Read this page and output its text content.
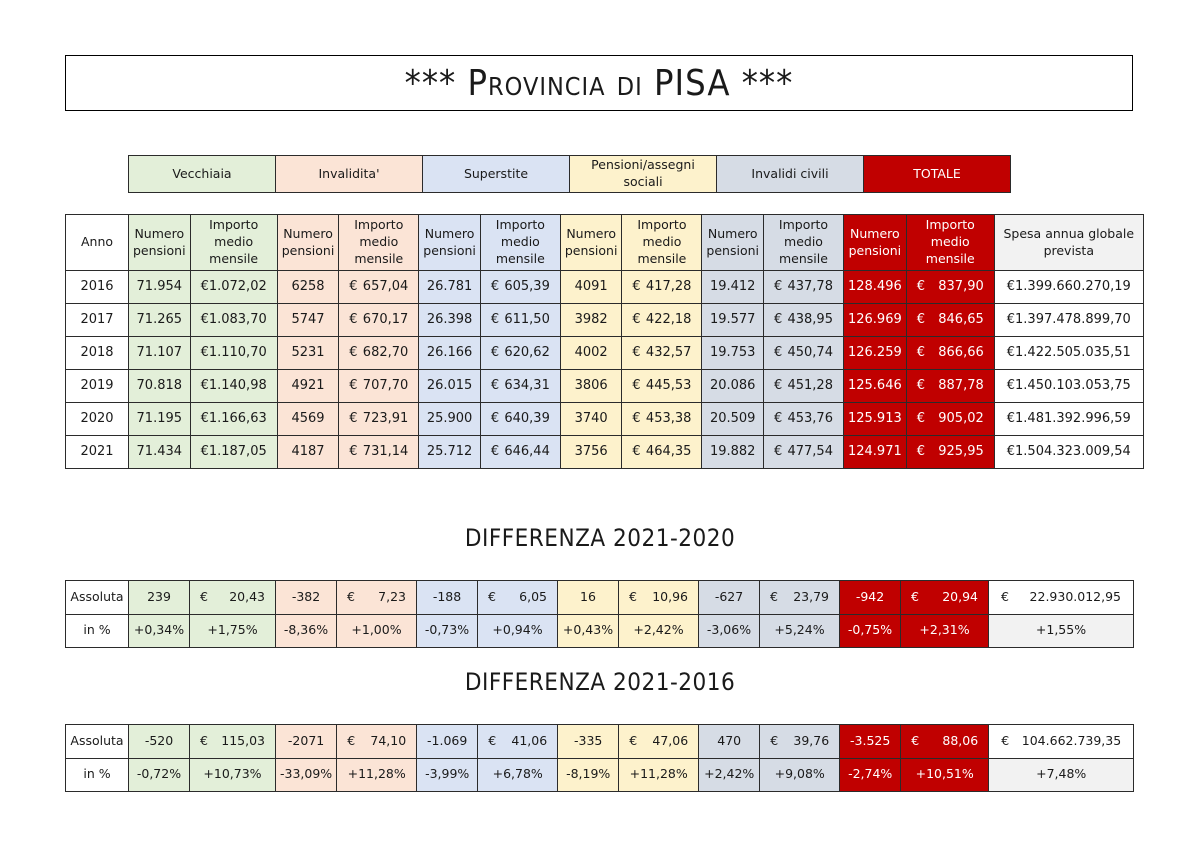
*** Provincia di PISA ***
Vecchiaia	Invalidita'	Superstite	Pensioni/assegni sociali	Invalidi civili	TOTALE
Anno	Numero pensioni	Importo medio mensile	Numero pensioni	Importo medio mensile	Numero pensioni	Importo medio mensile	Numero pensioni	Importo medio mensile	Numero pensioni	Importo medio mensile	Numero pensioni	Importo medio mensile	Spesa annua globale prevista
2016	71.954	€ 1.072,02	6258	€ 657,04	26.781	€ 605,39	4091	€ 417,28	19.412	€ 437,78	128.496	€ 837,90	€ 1.399.660.270,19

2017	71.265	€ 1.083,70	5747	€ 670,17	26.398	€ 611,50	3982	€ 422,18	19.577	€ 438,95	126.969	€ 846,65	€ 1.397.478.899,70

2018	71.107	€ 1.110,70	5231	€ 682,70	26.166	€ 620,62	4002	€ 432,57	19.753	€ 450,74	126.259	€ 866,66	€ 1.422.505.035,51

2019	70.818	€ 1.140,98	4921	€ 707,70	26.015	€ 634,31	3806	€ 445,53	20.086	€ 451,28	125.646	€ 887,78	€ 1.450.103.053,75

2020	71.195	€ 1.166,63	4569	€ 723,91	25.900	€ 640,39	3740	€ 453,38	20.509	€ 453,76	125.913	€ 905,02	€ 1.481.392.996,59

2021	71.434	€ 1.187,05	4187	€ 731,14	25.712	€ 646,44	3756	€ 464,35	19.882	€ 477,54	124.971	€ 925,95	€ 1.504.323.009,54
DIFFERENZA 2021-2020
Assoluta	239	€ 20,43	-382	€ 7,23	-188	€ 6,05	16	€ 10,96	-627	€ 23,79	-942	€ 20,94	€ 22.930.012,95

in %	+0,34%	+1,75%	-8,36%	+1,00%	-0,73%	+0,94%	+0,43%	+2,42%	-3,06%	+5,24%	-0,75%	+2,31%	+1,55%
DIFFERENZA 2021-2016
Assoluta	-520	€ 115,03	-2071	€ 74,10	-1.069	€ 41,06	-335	€ 47,06	470	€ 39,76	-3.525	€ 88,06	€ 104.662.739,35

in %	-0,72%	+10,73%	-33,09%	+11,28%	-3,99%	+6,78%	-8,19%	+11,28%	+2,42%	+9,08%	-2,74%	+10,51%	+7,48%
